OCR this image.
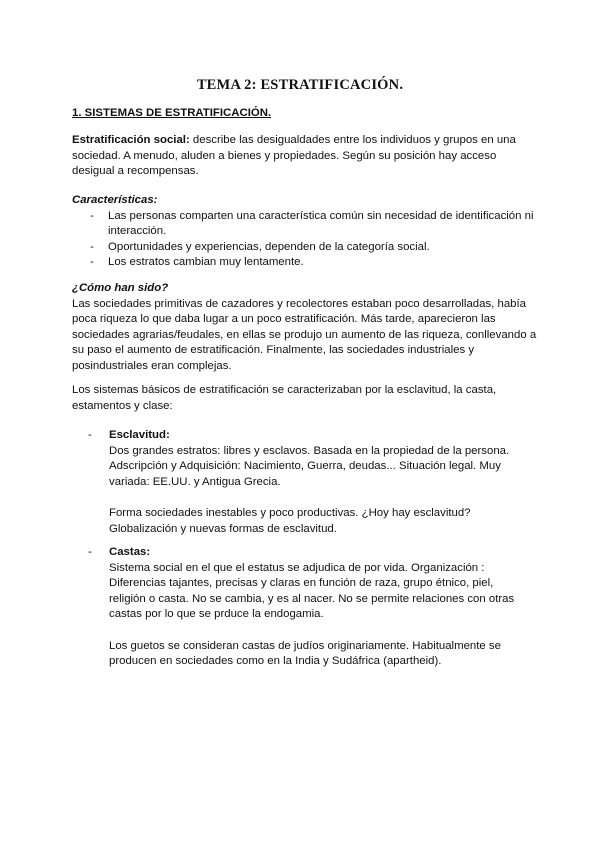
TEMA 2: ESTRATIFICACIÓN.
1. SISTEMAS DE ESTRATIFICACIÓN.

Estratificación social: describe las desigualdades entre los individuos y grupos en una

sociedad. A menudo, aluden a bienes y propiedades. Según su posición hay acceso

desigual a recompensas.

Características:

- Las personas comparten una característica común sin necesidad de identificación ni interacción.
- Oportunidades y experiencias, dependen de la categoría social.
- Los estratos cambian muy lentamente.

¿Cómo han sido?

Las sociedades primitivas de cazadores y recolectores estaban poco desarrolladas, había poca riqueza lo que daba lugar a un poco estratificación. Más tarde, aparecieron las sociedades agrarias/feudales, en ellas se produjo un aumento de las riqueza, conllevando a su paso el aumento de estratificación. Finalmente, las sociedades industriales y posindustriales eran complejas.

Los sistemas básicos de estratificación se caracterizaban por la esclavitud, la casta, estamentos y clase:

- Esclavitud:

Dos grandes estratos: libres y esclavos. Basada en la propiedad de la persona. Adscripción y Adquisición: Nacimiento, Guerra, deudas... Situación legal. Muy variada: EE.UU. y Antigua Grecia.

Forma sociedades inestables y poco productivas. ¿Hoy hay esclavitud? Globalización y nuevas formas de esclavitud.

- Castas:

Sistema social en el que el estatus se adjudica de por vida. Organización : Diferencias tajantes, precisas y claras en función de raza, grupo étnico, piel, religión o casta. No se cambia, y es al nacer. No se permite relaciones con otras castas por lo que se prduce la endogamia.

Los guetos se consideran castas de judíos originariamente. Habitualmente se producen en sociedades como en la India y Sudáfrica (apartheid).
